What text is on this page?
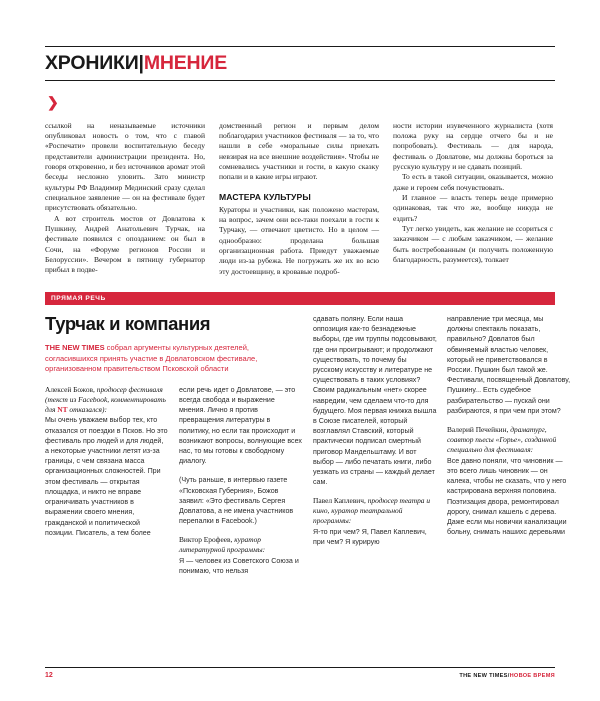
ХРОНИКИ|МНЕНИЕ
❯

ссылкой на неназываемые источники опубликовал новость о том, что с главой «Роспечати» провели воспитательную беседу представители администрации президента. Но, говоря откровенно, и без источников аромат этой беседы несложно уловить. Зато министр культуры РФ Владимир Мединский сразу сделал специальное заявление — он на фестивале будет присутствовать обязательно.

А вот строитель мостов от Довлатова к Пушкину, Андрей Анатольевич Турчак, на фестивале появился с опозданием: он был в Сочи, на «Форуме регионов России и Белоруссии». Вечером в пятницу губернатор прибыл в подве-

домственный регион и первым делом поблагодарил участников фестиваля — за то, что нашли в себе «моральные силы приехать невзирая на все внешние воздействия». Чтобы не сомневались участники и гости, в какую сказку попали и в какие игры играют.

МАСТЕРА КУЛЬТУРЫ

Кураторы и участники, как положено мастерам, на вопрос, зачем они все-таки поехали в гости к Турчаку, — отвечают цветисто. Но в целом — однообразно: проделана большая организационная работа. Приедут уважаемые люди из-за рубежа. Не погружать же их во всю эту достоевщину, в кровавые подроб-

ности истории изувеченного журналиста (хотя положа руку на сердце отчего бы и не попробовать). Фестиваль — для народа, фестиваль о Довлатове, мы должны бороться за русскую культуру и не сдавать позиций.

То есть в такой ситуации, оказывается, можно даже и героем себя почувствовать.

И главное — власть теперь везде примерно одинаковая, так что же, вообще никуда не ездить?

Тут легко увидеть, как желание не ссориться с заказчиком — с любым заказчиком, — желание быть востребованным (и получить положенную благодарность, разумеется), толкает

ПРЯМАЯ РЕЧЬ
Турчак и компания

THE NEW TIMES собрал аргументы культурных деятелей, согласившихся принять участие в Довлатовском фестивале, организованном правительством Псковской области

Алексей Божов, продюсер фестиваля (текст из Facebook, комментировать для NT отказался):

Мы очень уважаем выбор тех, кто отказался от поездки в Псков. Но это фестиваль про людей и для людей, а некоторые участники летят из-за границы, с чем связана масса организационных сложностей. При этом фестиваль — открытая площадка, и никто не вправе ограничивать участников в выражении своего мнения, гражданской и политической позиции. Писатель, а тем более

если речь идет о Довлатове, — это всегда свобода и выражение мнения. Лично я против превращения литературы в политику, но если так происходит и возникают вопросы, волнующие всех нас, то мы готовы к свободному диалогу.

(Чуть раньше, в интервью газете «Псковская Губерния», Божов заявил: «Это фестиваль Сергея Довлатова, а не имена участников перепалки в Facebook.)

Виктор Ерофеев, куратор литературной программы:

Я — человек из Советского Союза и понимаю, что нельзя

сдавать поляну. Если наша оппозиция как-то безнадежные выборы, где им труппы подсовывают, где они проигрывают; и продолжают существовать, то почему бы русскому искусству и литературе не существовать в таких условиях? Своим радикальным «нет» скорее навредим, чем сделаем что-то для будущего. Моя первая книжка вышла в Союзе писателей, который возглавлял Ставский, который практически подписал смертный приговор Мандельштаму. И вот выбор — либо печатать книги, либо уезжать из страны — каждый делает сам.

Павел Каплевич, продюсер театра и кино, куратор театральной программы:

Я-то при чем? Я, Павел Каплевич, при чем? Я курирую

направление три месяца, мы должны спектакль показать, правильно? Довлатов был обвиняемый властью человек, который не приветствовался в России. Пушкин был такой же. Фестивали, посвященный Довлатову, Пушкину... Есть судебное разбирательство — пускай они разбираются, я при чем при этом?

Валерий Печейкин, драматург, соавтор пьесы «Горье», созданной специально для фестиваля:

Все давно поняли, что чиновник — это всего лишь чиновник — он калека, чтобы не сказать, что у него кастрирована верхняя половина. Поэтизация двора, ремонтировал дорогу, снимал кашель с дерева. Даже если мы новички канализации больну, снимать нашихс деревьями

12	THE NEW TIMES/НОВОЕ ВРЕМЯ
